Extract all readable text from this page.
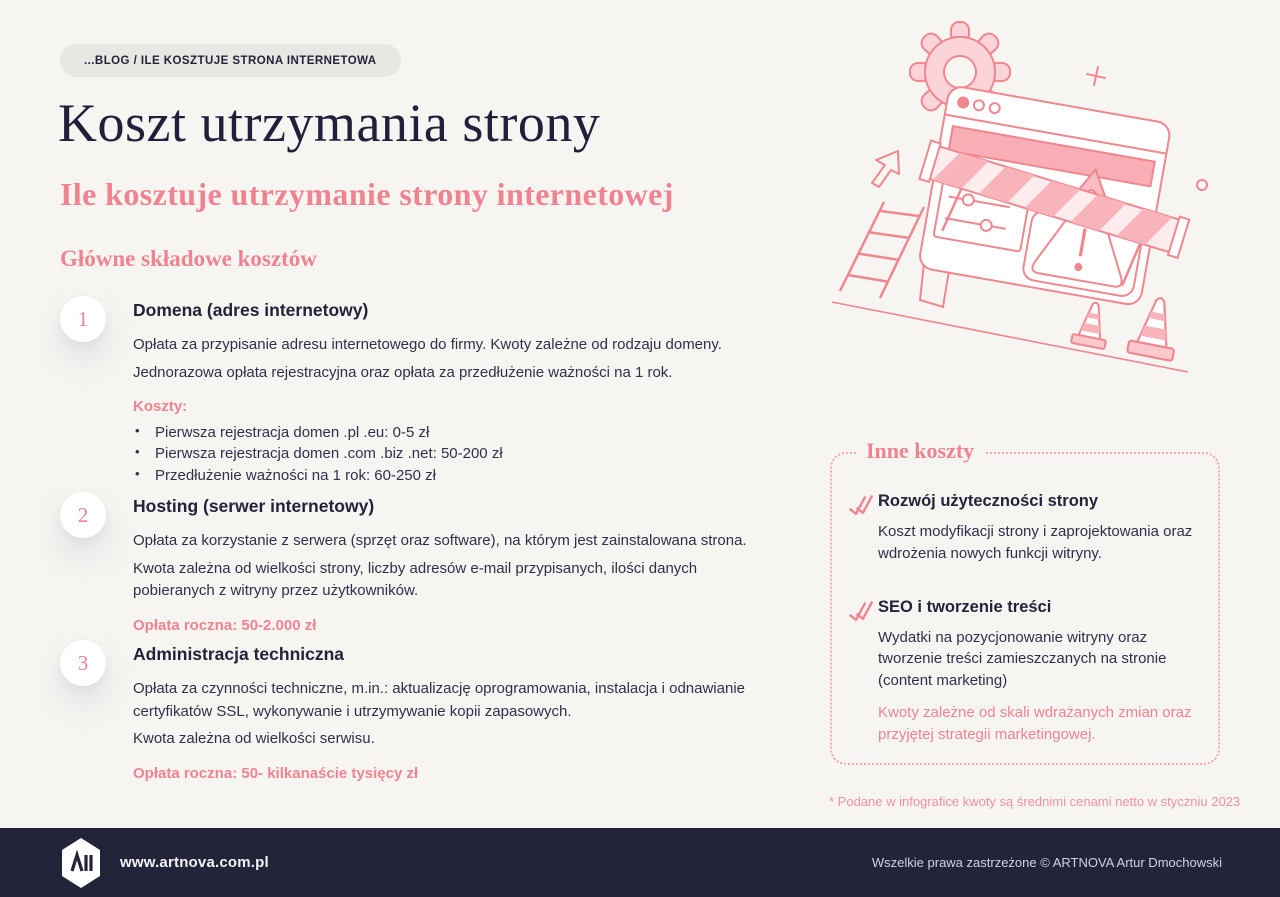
...BLOG / ILE KOSZTUJE STRONA INTERNETOWA
Koszt utrzymania strony
Ile kosztuje utrzymanie strony internetowej
Główne składowe kosztów
1	Domena (adres internetowy)

Opłata za przypisanie adresu internetowego do firmy. Kwoty zależne od rodzaju domeny.

Jednorazowa opłata rejestracyjna oraz opłata za przedłużenie ważności na 1 rok.

Koszty:
• Pierwsza rejestracja domen .pl .eu: 0-5 zł
• Pierwsza rejestracja domen .com .biz .net: 50-200 zł
• Przedłużenie ważności na 1 rok: 60-250 zł
2	Hosting (serwer internetowy)

Opłata za korzystanie z serwera (sprzęt oraz software), na którym jest zainstalowana strona.

Kwota zależna od wielkości strony, liczby adresów e-mail przypisanych, ilości danych pobieranych z witryny przez użytkowników.

Opłata roczna: 50-2.000 zł
3	Administracja techniczna

Opłata za czynności techniczne, m.in.: aktualizację oprogramowania, instalacja i odnawianie certyfikatów SSL, wykonywanie i utrzymywanie kopii zapasowych.

Kwota zależna od wielkości serwisu.

Opłata roczna: 50- kilkanaście tysięcy zł
Inne koszty
Rozwój użyteczności strony
Koszt modyfikacji strony i zaprojektowania oraz wdrożenia nowych funkcji witryny.
SEO i tworzenie treści
Wydatki na pozycjonowanie witryny oraz tworzenie treści zamieszczanych na stronie (content marketing)
Kwoty zależne od skali wdrażanych zmian oraz przyjętej strategii marketingowej.
* Podane w infografice kwoty są średnimi cenami netto w styczniu 2023
www.artnova.com.pl	Wszelkie prawa zastrzeżone © ARTNOVA Artur Dmochowski
